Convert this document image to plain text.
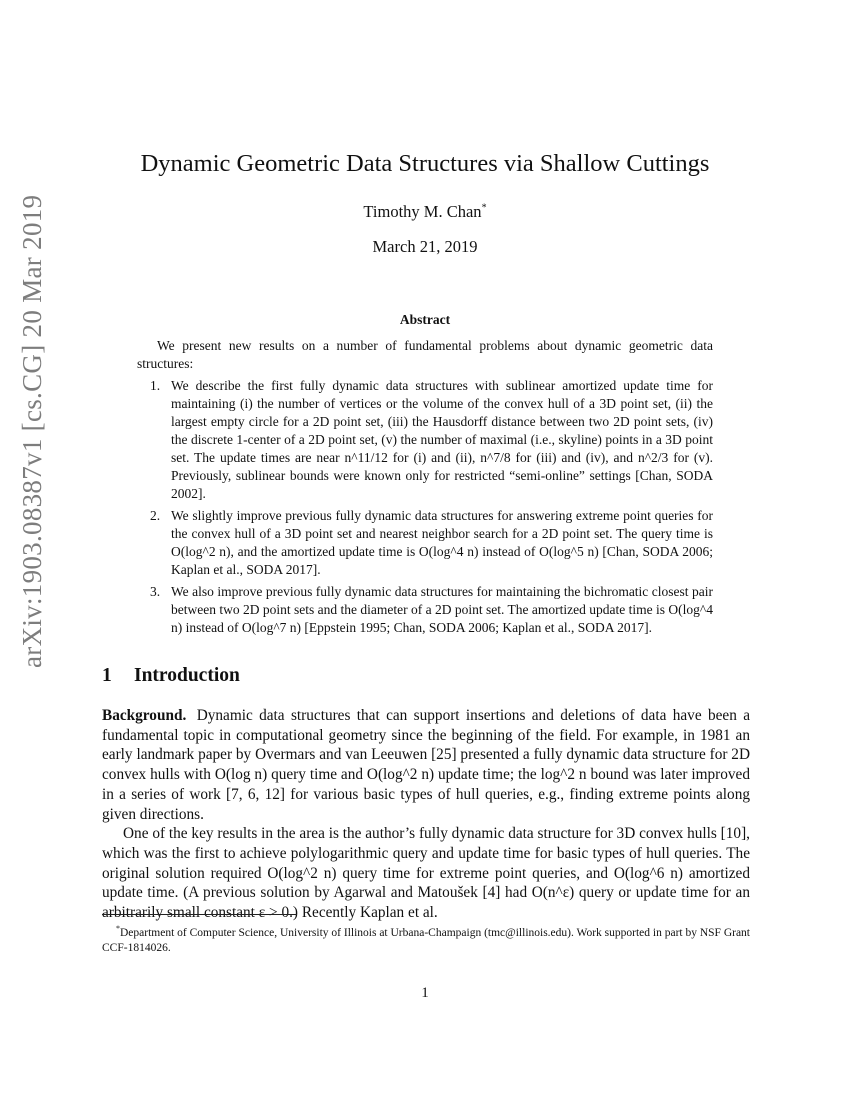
arXiv:1903.08387v1 [cs.CG] 20 Mar 2019
Dynamic Geometric Data Structures via Shallow Cuttings
Timothy M. Chan*
March 21, 2019
Abstract

We present new results on a number of fundamental problems about dynamic geometric data structures:

1. We describe the first fully dynamic data structures with sublinear amortized update time for maintaining (i) the number of vertices or the volume of the convex hull of a 3D point set, (ii) the largest empty circle for a 2D point set, (iii) the Hausdorff distance between two 2D point sets, (iv) the discrete 1-center of a 2D point set, (v) the number of maximal (i.e., skyline) points in a 3D point set. The update times are near n^11/12 for (i) and (ii), n^7/8 for (iii) and (iv), and n^2/3 for (v). Previously, sublinear bounds were known only for restricted “semi-online” settings [Chan, SODA 2002].
2. We slightly improve previous fully dynamic data structures for answering extreme point queries for the convex hull of a 3D point set and nearest neighbor search for a 2D point set. The query time is O(log^2 n), and the amortized update time is O(log^4 n) instead of O(log^5 n) [Chan, SODA 2006; Kaplan et al., SODA 2017].
3. We also improve previous fully dynamic data structures for maintaining the bichromatic closest pair between two 2D point sets and the diameter of a 2D point set. The amortized update time is O(log^4 n) instead of O(log^7 n) [Eppstein 1995; Chan, SODA 2006; Kaplan et al., SODA 2017].
1 Introduction

Background. Dynamic data structures that can support insertions and deletions of data have been a fundamental topic in computational geometry since the beginning of the field. For example, in 1981 an early landmark paper by Overmars and van Leeuwen [25] presented a fully dynamic data structure for 2D convex hulls with O(log n) query time and O(log^2 n) update time; the log^2 n bound was later improved in a series of work [7, 6, 12] for various basic types of hull queries, e.g., finding extreme points along given directions.

One of the key results in the area is the author’s fully dynamic data structure for 3D convex hulls [10], which was the first to achieve polylogarithmic query and update time for basic types of hull queries. The original solution required O(log^2 n) query time for extreme point queries, and O(log^6 n) amortized update time. (A previous solution by Agarwal and Matoušek [4] had O(n^ε) query or update time for an arbitrarily small constant ε > 0.) Recently Kaplan et al.

*Department of Computer Science, University of Illinois at Urbana-Champaign (tmc@illinois.edu). Work supported in part by NSF Grant CCF-1814026.

1
